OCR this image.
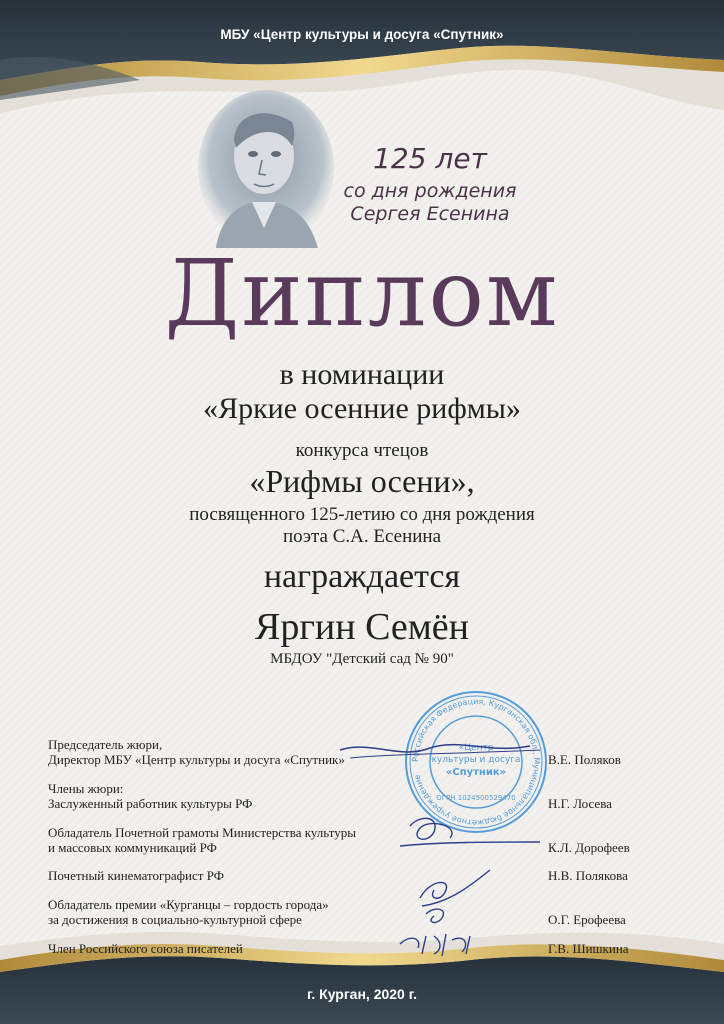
МБУ «Центр культуры и досуга «Спутник»
125 лет
со дня рождения
Сергея Есенина
Диплом
в номинации
«Яркие осенние рифмы»
конкурса чтецов
«Рифмы осени»,
посвященного 125-летию со дня рождения
поэта С.А. Есенина
награждается
Яргин Семён
МБДОУ "Детский сад № 90"
Российская Федерация, Курганская обл., Муниципальное бюджетное учреждение
«Центр
культуры и досуга
«Спутник»
ОГРН 1024500529470
Председатель жюри,
Директор МБУ «Центр культуры и досуга «Спутник»	В.Е. Поляков
Члены жюри:
Заслуженный работник культуры РФ	Н.Г. Лосева
Обладатель Почетной грамоты Министерства культуры
и массовых коммуникаций РФ	К.Л. Дорофеев
Почетный кинематографист РФ	Н.В. Полякова
Обладатель премии «Курганцы – гордость города»
за достижения в социально-культурной сфере	О.Г. Ерофеева
Член Российского союза писателей	Г.В. Шишкина
г. Курган, 2020 г.
